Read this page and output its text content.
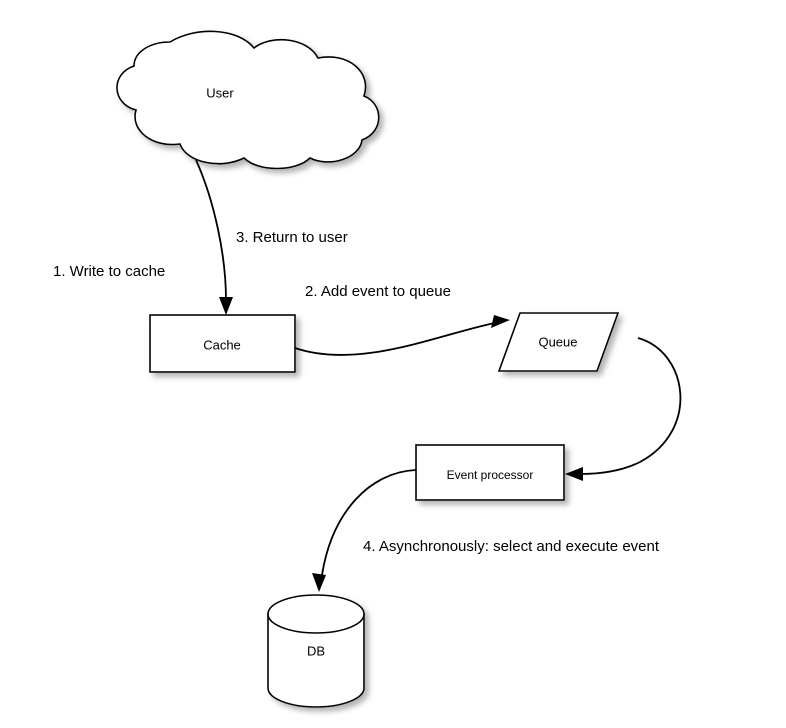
User
Cache	Queue
Event processor
DB
1. Write to cache
2. Add event to queue
3. Return to user
4. Asynchronously: select and execute event
